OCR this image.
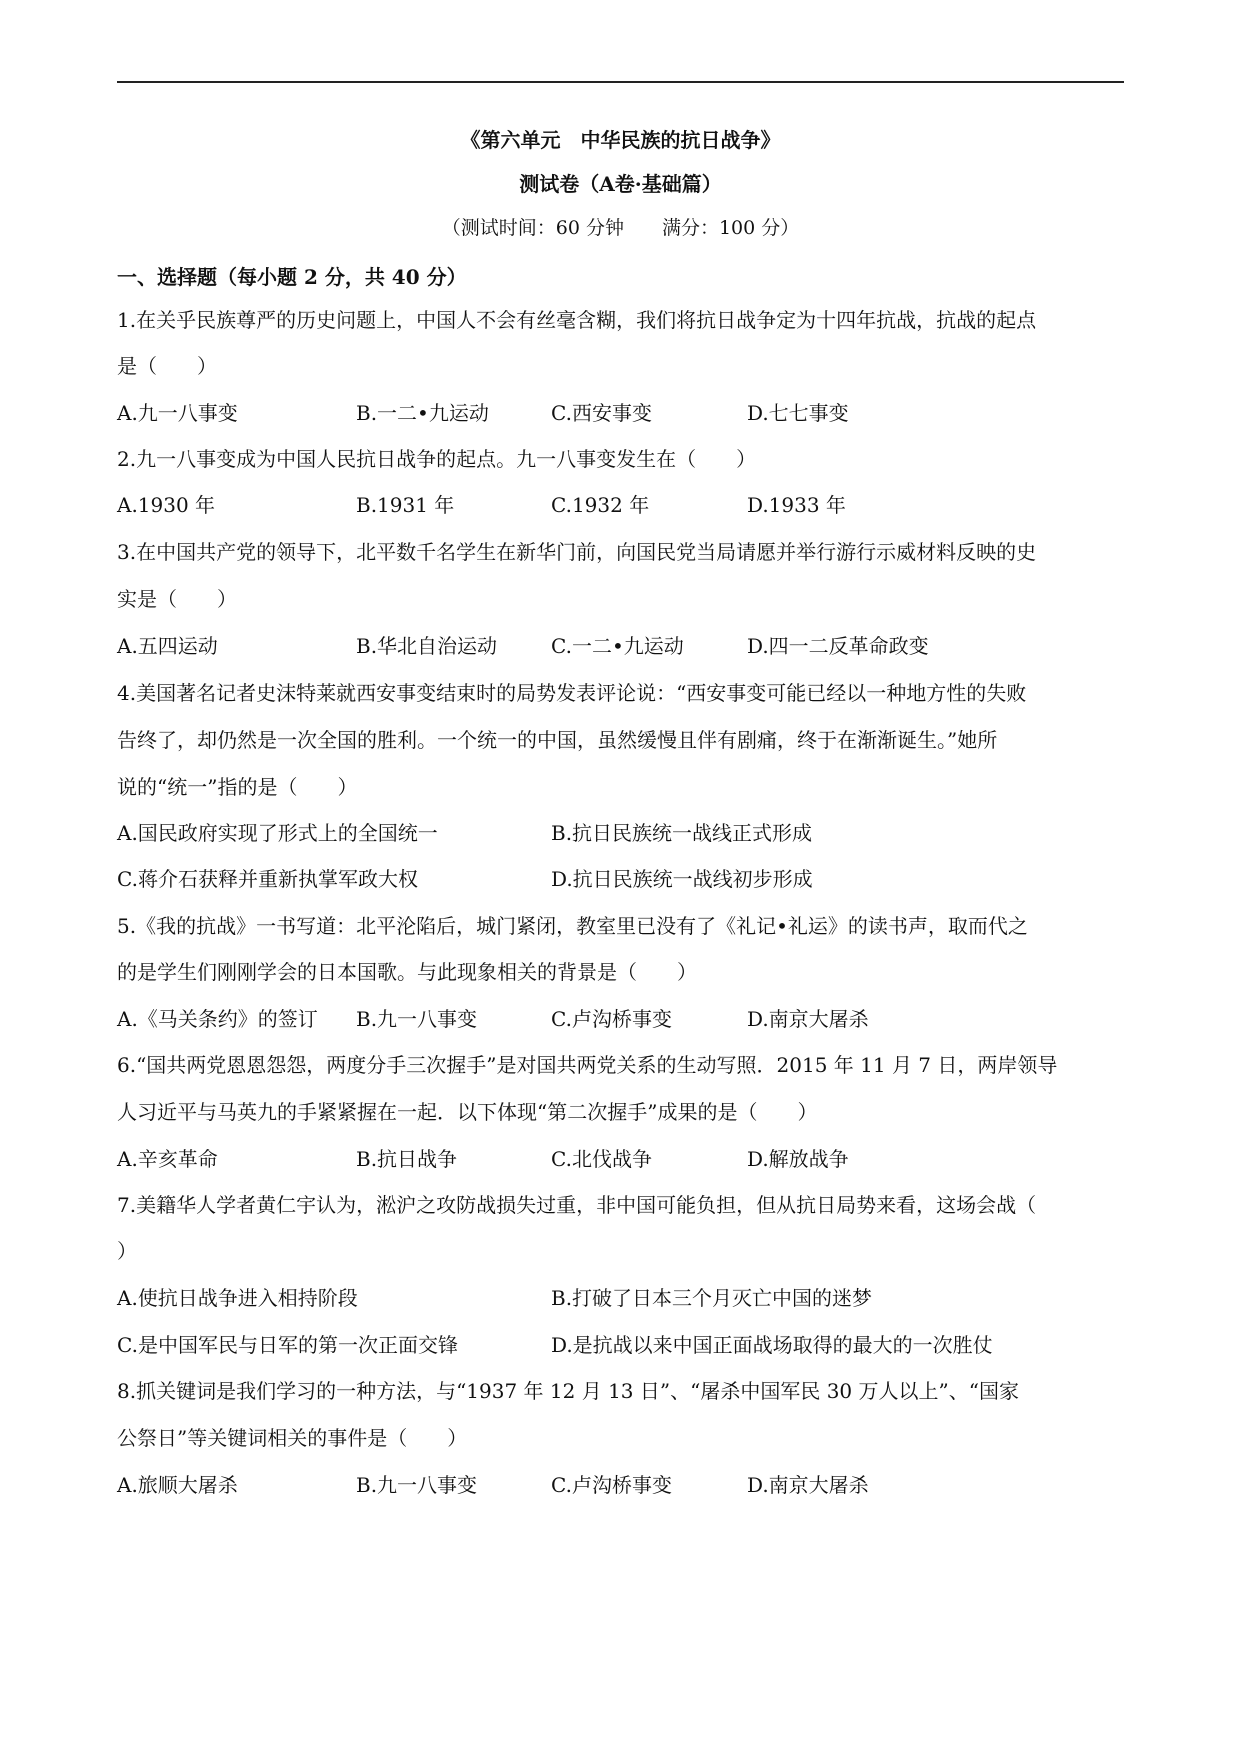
《第六单元　中华民族的抗日战争》
测试卷（A卷·基础篇）
（测试时间：60 分钟　　满分：100 分）
一、选择题（每小题 2 分，共 40 分）
1.在关乎民族尊严的历史问题上，中国人不会有丝毫含糊，我们将抗日战争定为十四年抗战，抗战的起点
是（　　）
A.九一八事变	B.一二•九运动	C.西安事变	D.七七事变
2.九一八事变成为中国人民抗日战争的起点。九一八事变发生在（　　）
A.1930 年	B.1931 年	C.1932 年	D.1933 年
3.在中国共产党的领导下，北平数千名学生在新华门前，向国民党当局请愿并举行游行示威材料反映的史
实是（　　）
A.五四运动	B.华北自治运动	C.一二•九运动	D.四一二反革命政变
4.美国著名记者史沫特莱就西安事变结束时的局势发表评论说：“西安事变可能已经以一种地方性的失败
告终了，却仍然是一次全国的胜利。一个统一的中国，虽然缓慢且伴有剧痛，终于在渐渐诞生。”她所
说的“统一”指的是（　　）
A.国民政府实现了形式上的全国统一	B.抗日民族统一战线正式形成
C.蒋介石获释并重新执掌军政大权	D.抗日民族统一战线初步形成
5.《我的抗战》一书写道：北平沦陷后，城门紧闭，教室里已没有了《礼记•礼运》的读书声，取而代之
的是学生们刚刚学会的日本国歌。与此现象相关的背景是（　　）
A.《马关条约》的签订 B.九一八事变	C.卢沟桥事变	D.南京大屠杀
6.“国共两党恩恩怨怨，两度分手三次握手”是对国共两党关系的生动写照．2015 年 11 月 7 日，两岸领导
人习近平与马英九的手紧紧握在一起．以下体现“第二次握手”成果的是（　　）
A.辛亥革命	B.抗日战争	C.北伐战争	D.解放战争
7.美籍华人学者黄仁宇认为，淞沪之攻防战损失过重，非中国可能负担，但从抗日局势来看，这场会战（
）
A.使抗日战争进入相持阶段	B.打破了日本三个月灭亡中国的迷梦
C.是中国军民与日军的第一次正面交锋	D.是抗战以来中国正面战场取得的最大的一次胜仗
8.抓关键词是我们学习的一种方法，与“1937 年 12 月 13 日”、“屠杀中国军民 30 万人以上”、“国家
公祭日”等关键词相关的事件是（　　）
A.旅顺大屠杀	B.九一八事变	C.卢沟桥事变	D.南京大屠杀
